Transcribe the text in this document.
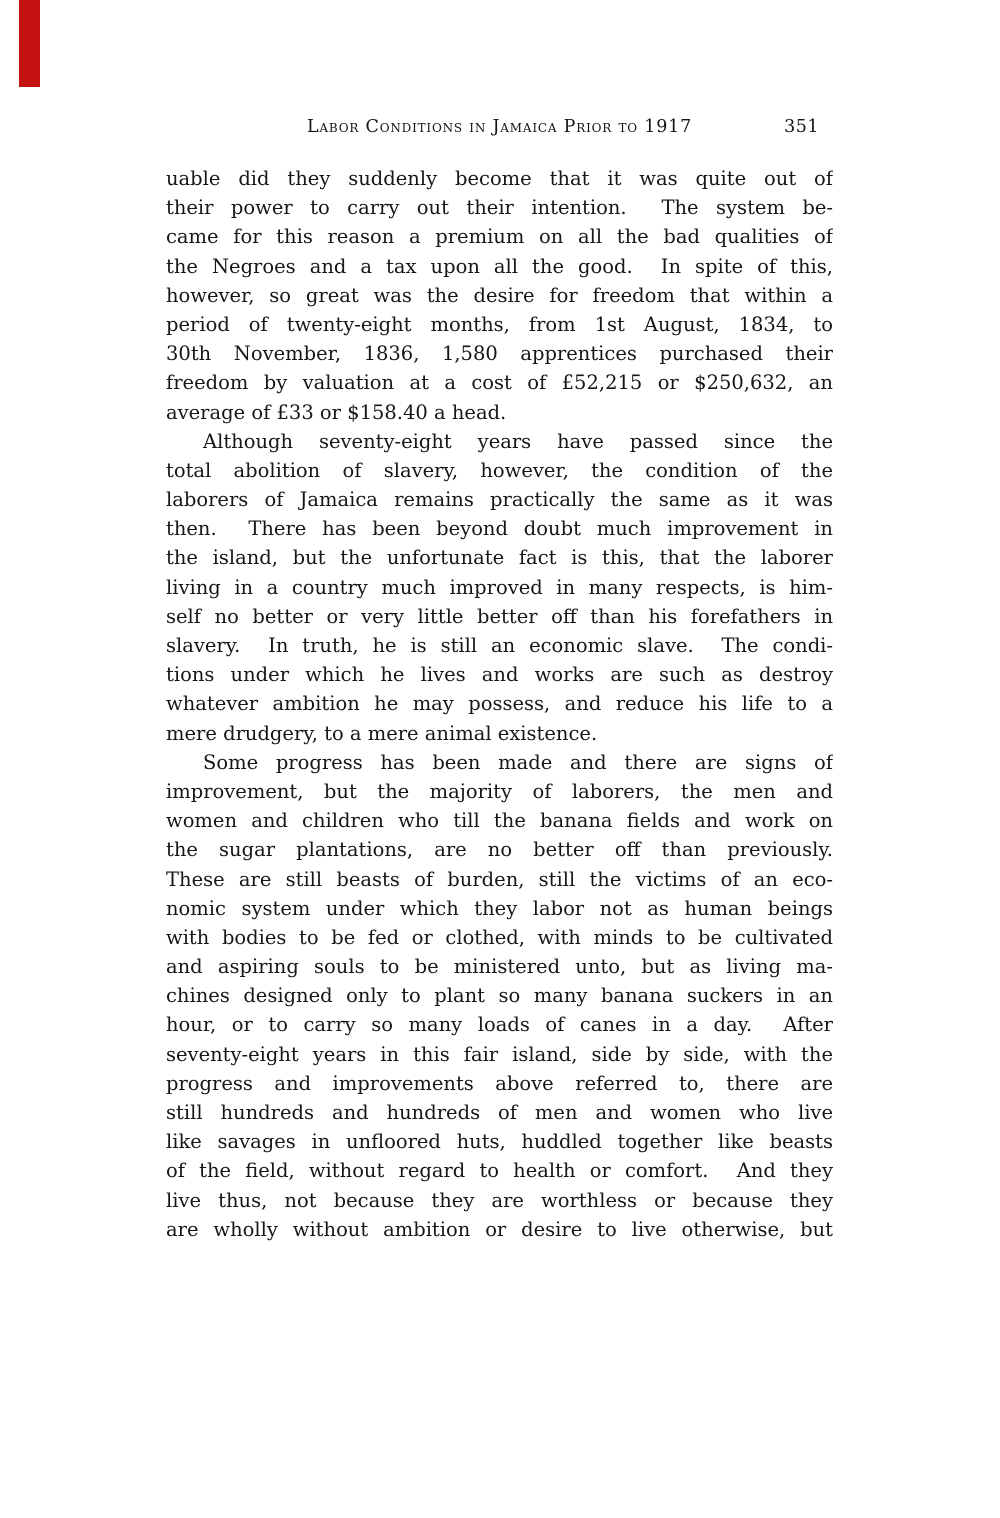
Labor Conditions in Jamaica Prior to 1917	351
uable did they suddenly become that it was quite out of
their power to carry out their intention.  The system be-
came for this reason a premium on all the bad qualities of
the Negroes and a tax upon all the good.  In spite of this,
however, so great was the desire for freedom that within a
period of twenty-eight months, from 1st August, 1834, to
30th November, 1836, 1,580 apprentices purchased their
freedom by valuation at a cost of £52,215 or $250,632, an
average of £33 or $158.40 a head.
Although seventy-eight years have passed since the
total abolition of slavery, however, the condition of the
laborers of Jamaica remains practically the same as it was
then.  There has been beyond doubt much improvement in
the island, but the unfortunate fact is this, that the laborer
living in a country much improved in many respects, is him-
self no better or very little better off than his forefathers in
slavery.  In truth, he is still an economic slave.  The condi-
tions under which he lives and works are such as destroy
whatever ambition he may possess, and reduce his life to a
mere drudgery, to a mere animal existence.
Some progress has been made and there are signs of
improvement, but the majority of laborers, the men and
women and children who till the banana fields and work on
the sugar plantations, are no better off than previously.
These are still beasts of burden, still the victims of an eco-
nomic system under which they labor not as human beings
with bodies to be fed or clothed, with minds to be cultivated
and aspiring souls to be ministered unto, but as living ma-
chines designed only to plant so many banana suckers in an
hour, or to carry so many loads of canes in a day.  After
seventy-eight years in this fair island, side by side, with the
progress and improvements above referred to, there are
still hundreds and hundreds of men and women who live
like savages in unfloored huts, huddled together like beasts
of the field, without regard to health or comfort.  And they
live thus, not because they are worthless or because they
are wholly without ambition or desire to live otherwise, but
